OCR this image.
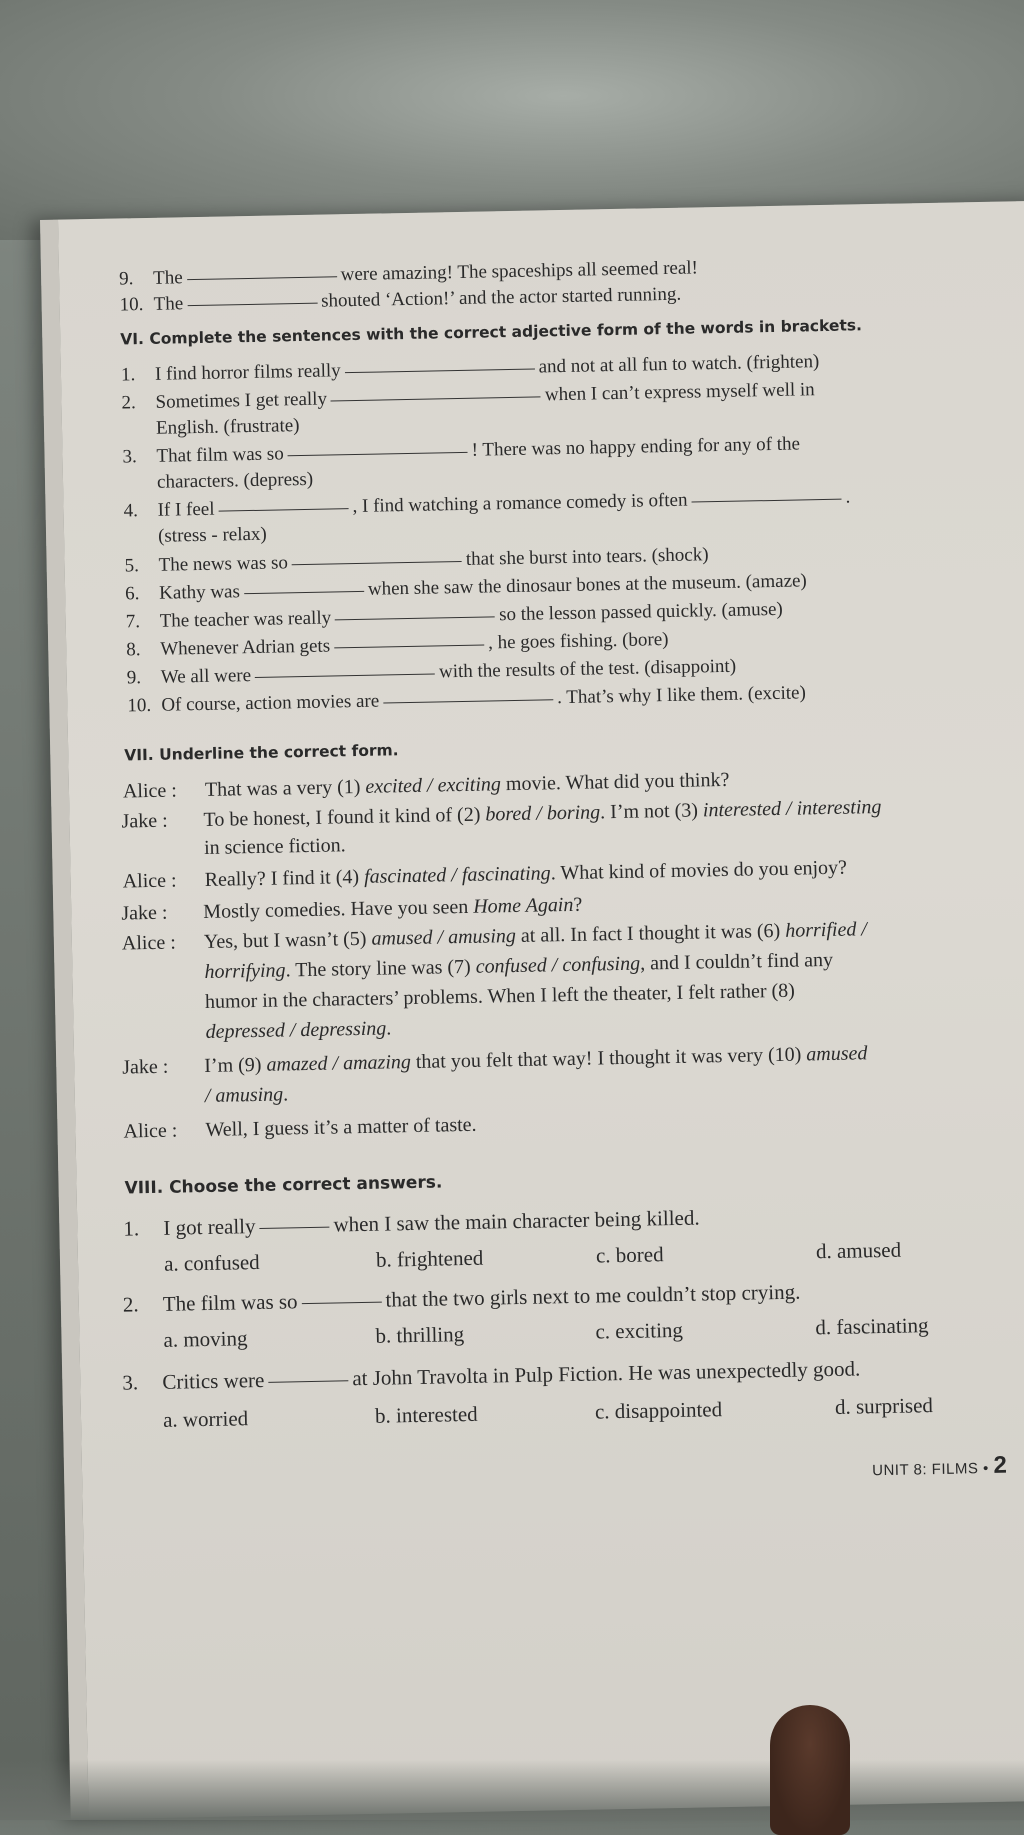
9. The	were amazing! The spaceships all seemed real!
10. The	shouted ‘Action!’ and the actor started running.
VI. Complete the sentences with the correct adjective form of the words in brackets.
1. I find horror films really	and not at all fun to watch. (frighten)
2. Sometimes I get really	when I can’t express myself well in
English. (frustrate)
3. That film was so	! There was no happy ending for any of the
characters. (depress)
4. If I feel	, I find watching a romance comedy is often	.
(stress - relax)
5. The news was so	that she burst into tears. (shock)
6. Kathy was	when she saw the dinosaur bones at the museum. (amaze)
7. The teacher was really	so the lesson passed quickly. (amuse)
8. Whenever Adrian gets	, he goes fishing. (bore)
9. We all were	with the results of the test. (disappoint)
10. Of course, action movies are	. That’s why I like them. (excite)
VII. Underline the correct form.
Alice : That was a very (1) excited / exciting movie. What did you think?
Jake : To be honest, I found it kind of (2) bored / boring. I’m not (3) interested / interesting
in science fiction.
Alice : Really? I find it (4) fascinated / fascinating. What kind of movies do you enjoy?
Jake : Mostly comedies. Have you seen Home Again?
Alice : Yes, but I wasn’t (5) amused / amusing at all. In fact I thought it was (6) horrified /
horrifying. The story line was (7) confused / confusing, and I couldn’t find any
humor in the characters’ problems. When I left the theater, I felt rather (8)
depressed / depressing.
Jake : I’m (9) amazed / amazing that you felt that way! I thought it was very (10) amused
/ amusing.
Alice : Well, I guess it’s a matter of taste.
VIII. Choose the correct answers.
1. I got really	when I saw the main character being killed.
a. confused	b. frightened	c. bored	d. amused
2. The film was so	that the two girls next to me couldn’t stop crying.
a. moving	b. thrilling	c. exciting	d. fascinating
3. Critics were	at John Travolta in Pulp Fiction. He was unexpectedly good.
a. worried	b. interested	c. disappointed	d. surprised
UNIT 8: FILMS • 2
